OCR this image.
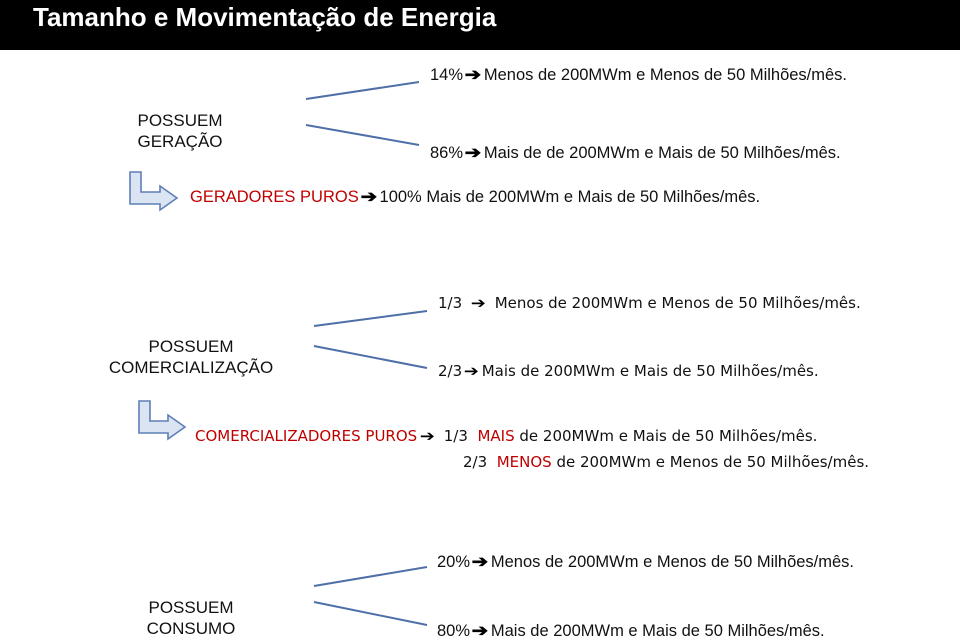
Tamanho e Movimentação de Energia
POSSUEM
GERAÇÃO
14%➔ Menos de 200MWm e Menos de 50 Milhões/mês.
86%➔ Mais de de 200MWm e Mais de 50 Milhões/mês.
GERADORES PUROS➔ 100% Mais de 200MWm e Mais de 50 Milhões/mês.
POSSUEM
COMERCIALIZAÇÃO
1/3 ➔ Menos de 200MWm e Menos de 50 Milhões/mês.
2/3 ➔ Mais de 200MWm e Mais de 50 Milhões/mês.
COMERCIALIZADORES PUROS ➔ 1/3 MAIS de 200MWm e Mais de 50 Milhões/mês.
2/3 MENOS de 200MWm e Menos de 50 Milhões/mês.
POSSUEM
CONSUMO
20%➔ Menos de 200MWm e Menos de 50 Milhões/mês.
80%➔ Mais de 200MWm e Mais de 50 Milhões/mês.
